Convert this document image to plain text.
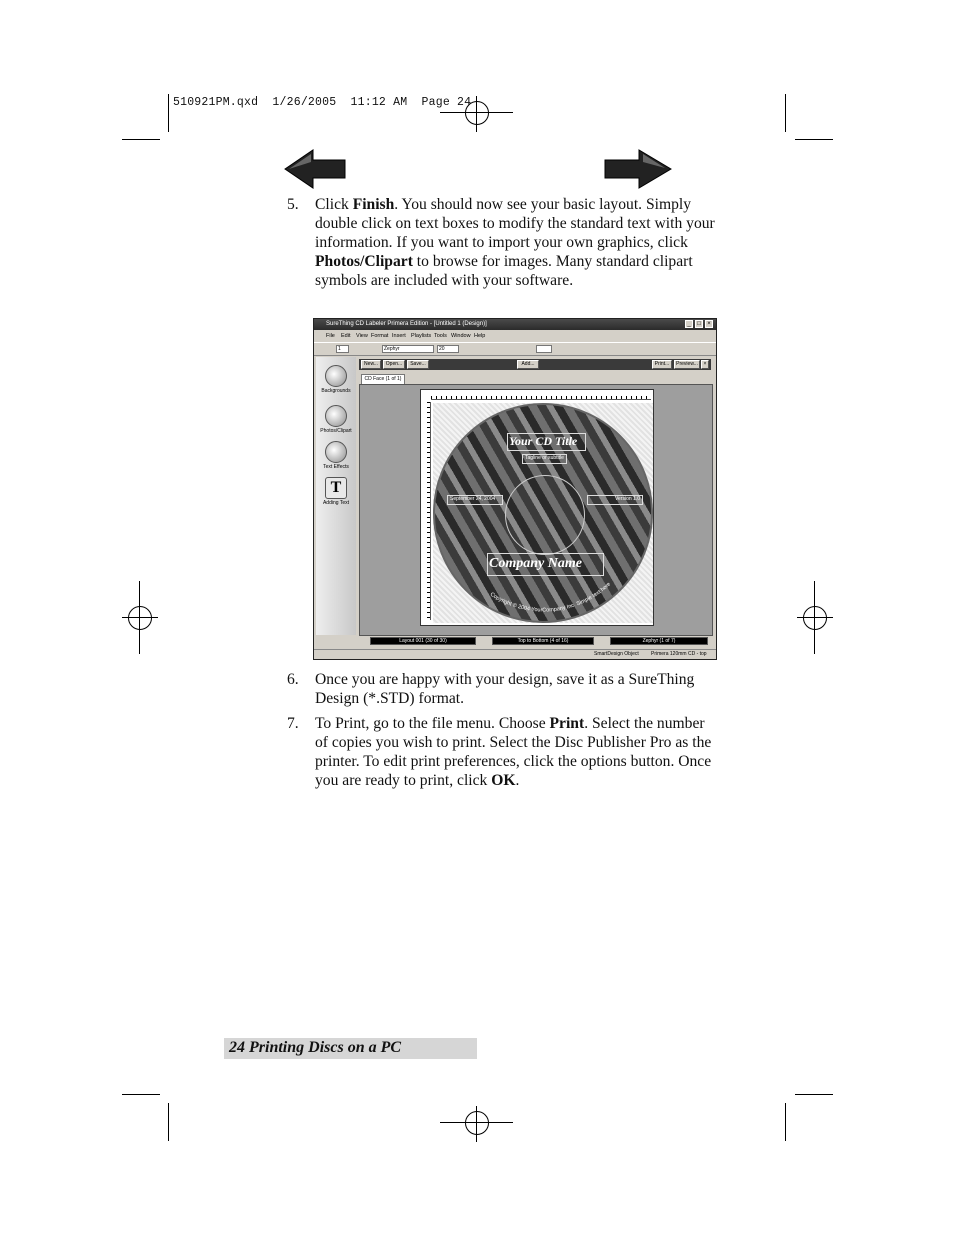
510921PM.qxd  1/26/2005  11:12 AM  Page 24
5. Click Finish. You should now see your basic layout. Simply double click on text boxes to modify the standard text with your information. If you want to import your own graphics, click Photos/Clipart to browse for images. Many standard clipart symbols are included with your software.
SureThing CD Labeler Primera Edition - [Untitled 1 (Design)]	_	□	×
File Edit View Format Insert Playlists Tools Window Help
1	Zephyr	20
Backgrounds
Photos/Clipart
Text Effects
T
Adding Text
New...	Open...	Save...	Add...	Print...	Preview...	×
CD Face (1 of 1)
Your CD Title
Tagline or subtitle
September 24, 2004	Version 1.0
Company Name
Copyright © 2004 YourCompany Inc. Simple text here
Layout 001 (30 of 30)	Top to Bottom (4 of 16)	Zephyr (1 of 7)
SmartDesign Object Primera 120mm CD - top
6. Once you are happy with your design, save it as a SureThing Design (*.STD) format.
7. To Print, go to the file menu. Choose Print. Select the number of copies you wish to print. Select the Disc Publisher Pro as the printer. To edit print preferences, click the options button. Once you are ready to print, click OK.
24 Printing Discs on a PC
